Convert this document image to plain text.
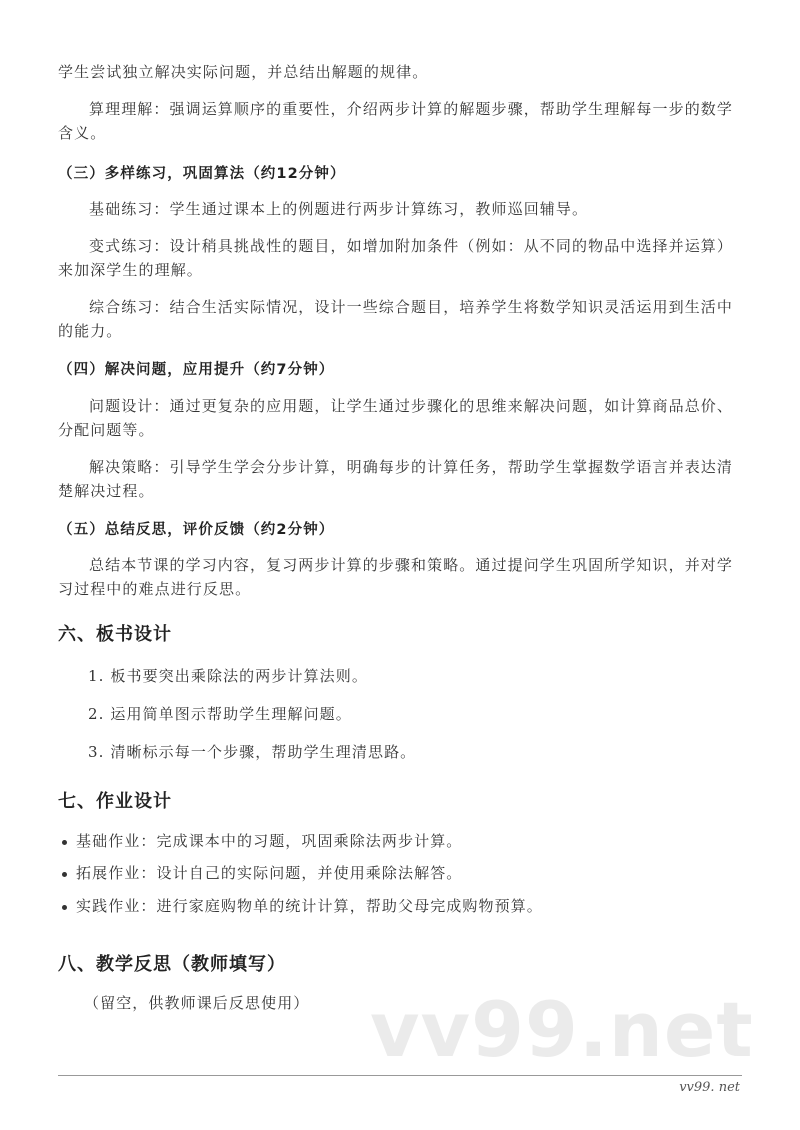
学生尝试独立解决实际问题，并总结出解题的规律。
算理理解：强调运算顺序的重要性，介绍两步计算的解题步骤，帮助学生理解每一步的数学含义。
（三）多样练习，巩固算法（约12分钟）
基础练习：学生通过课本上的例题进行两步计算练习，教师巡回辅导。
变式练习：设计稍具挑战性的题目，如增加附加条件（例如：从不同的物品中选择并运算）来加深学生的理解。
综合练习：结合生活实际情况，设计一些综合题目，培养学生将数学知识灵活运用到生活中的能力。
（四）解决问题，应用提升（约7分钟）
问题设计：通过更复杂的应用题，让学生通过步骤化的思维来解决问题，如计算商品总价、分配问题等。
解决策略：引导学生学会分步计算，明确每步的计算任务，帮助学生掌握数学语言并表达清楚解决过程。
（五）总结反思，评价反馈（约2分钟）
总结本节课的学习内容，复习两步计算的步骤和策略。通过提问学生巩固所学知识，并对学习过程中的难点进行反思。
六、板书设计
1. 板书要突出乘除法的两步计算法则。
2. 运用简单图示帮助学生理解问题。
3. 清晰标示每一个步骤，帮助学生理清思路。
七、作业设计
基础作业：完成课本中的习题，巩固乘除法两步计算。
拓展作业：设计自己的实际问题，并使用乘除法解答。
实践作业：进行家庭购物单的统计计算，帮助父母完成购物预算。
八、教学反思（教师填写）
vv99.net
（留空，供教师课后反思使用）
vv99. net
